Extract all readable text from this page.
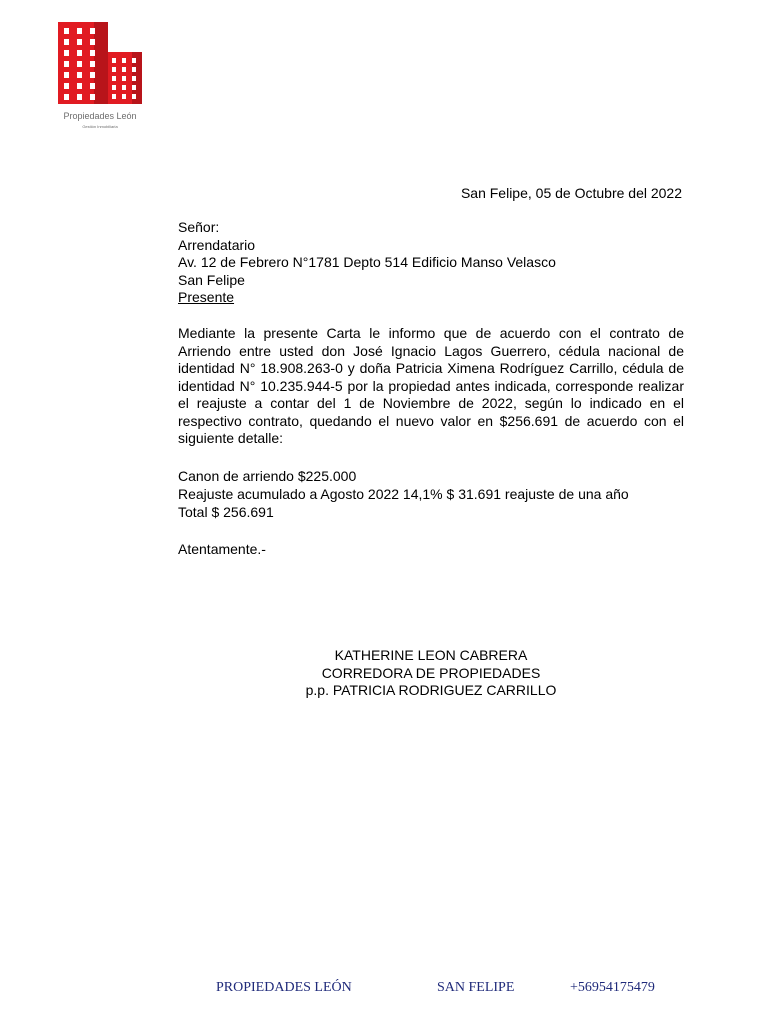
Propiedades León
Gestión Inmobiliaria
San Felipe, 05 de Octubre del 2022
Señor:
Arrendatario
Av. 12 de Febrero N°1781 Depto 514 Edificio Manso Velasco
San Felipe
Presente

Mediante la presente Carta le informo que de acuerdo con el contrato de Arriendo entre usted don José Ignacio Lagos Guerrero, cédula nacional de identidad N° 18.908.263-0 y doña Patricia Ximena Rodríguez Carrillo, cédula de identidad N° 10.235.944-5 por la propiedad antes indicada, corresponde realizar el reajuste a contar del 1 de Noviembre de 2022, según lo indicado en el respectivo contrato, quedando el nuevo valor en $256.691 de acuerdo con el siguiente detalle:

Canon de arriendo $225.000
Reajuste acumulado a Agosto 2022 14,1% $ 31.691 reajuste de una año
Total $ 256.691
Atentamente.-
KATHERINE LEON CABRERA
CORREDORA DE PROPIEDADES
p.p. PATRICIA RODRIGUEZ CARRILLO
PROPIEDADES LEÓN	SAN FELIPE	+56954175479
